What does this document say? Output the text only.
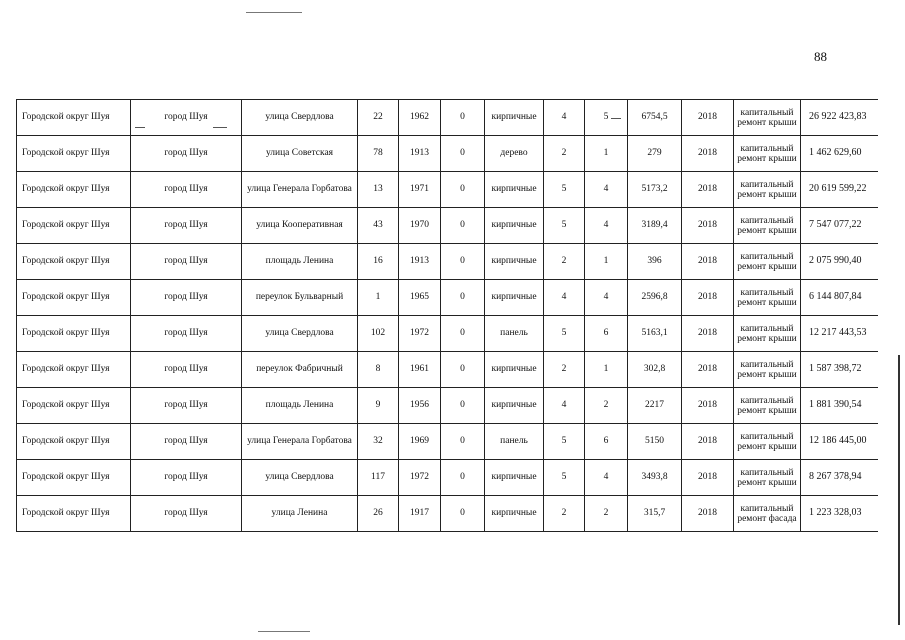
88
Городской округ Шуя	город Шуя	улица Свердлова	22	1962	0	кирпичные	4	5	6754,5	2018	капитальный ремонт крыши	26 922 423,83
Городской округ Шуя	город Шуя	улица Советская	78	1913	0	дерево	2	1	279	2018	капитальный ремонт крыши	1 462 629,60
Городской округ Шуя	город Шуя	улица Генерала Горбатова	13	1971	0	кирпичные	5	4	5173,2	2018	капитальный ремонт крыши	20 619 599,22
Городской округ Шуя	город Шуя	улица Кооперативная	43	1970	0	кирпичные	5	4	3189,4	2018	капитальный ремонт крыши	7 547 077,22
Городской округ Шуя	город Шуя	площадь Ленина	16	1913	0	кирпичные	2	1	396	2018	капитальный ремонт крыши	2 075 990,40
Городской округ Шуя	город Шуя	переулок Бульварный	1	1965	0	кирпичные	4	4	2596,8	2018	капитальный ремонт крыши	6 144 807,84
Городской округ Шуя	город Шуя	улица Свердлова	102	1972	0	панель	5	6	5163,1	2018	капитальный ремонт крыши	12 217 443,53
Городской округ Шуя	город Шуя	переулок Фабричный	8	1961	0	кирпичные	2	1	302,8	2018	капитальный ремонт крыши	1 587 398,72
Городской округ Шуя	город Шуя	площадь Ленина	9	1956	0	кирпичные	4	2	2217	2018	капитальный ремонт крыши	1 881 390,54
Городской округ Шуя	город Шуя	улица Генерала Горбатова	32	1969	0	панель	5	6	5150	2018	капитальный ремонт крыши	12 186 445,00
Городской округ Шуя	город Шуя	улица Свердлова	117	1972	0	кирпичные	5	4	3493,8	2018	капитальный ремонт крыши	8 267 378,94
Городской округ Шуя	город Шуя	улица Ленина	26	1917	0	кирпичные	2	2	315,7	2018	капитальный ремонт фасада	1 223 328,03
